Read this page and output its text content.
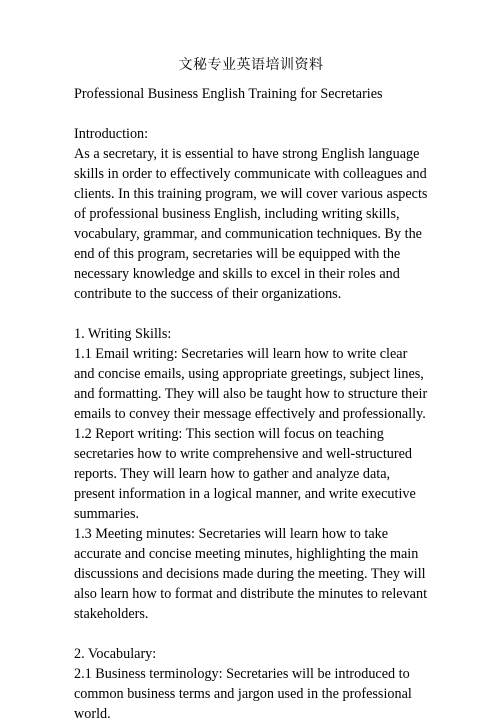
文秘专业英语培训资料

Professional Business English Training for Secretaries

Introduction:

As a secretary, it is essential to have strong English language skills in order to effectively communicate with colleagues and clients. In this training program, we will cover various aspects of professional business English, including writing skills, vocabulary, grammar, and communication techniques. By the end of this program, secretaries will be equipped with the necessary knowledge and skills to excel in their roles and contribute to the success of their organizations.

1. Writing Skills:

1.1 Email writing: Secretaries will learn how to write clear and concise emails, using appropriate greetings, subject lines, and formatting. They will also be taught how to structure their emails to convey their message effectively and professionally.

1.2 Report writing: This section will focus on teaching secretaries how to write comprehensive and well-structured reports. They will learn how to gather and analyze data, present information in a logical manner, and write executive summaries.

1.3 Meeting minutes: Secretaries will learn how to take accurate and concise meeting minutes, highlighting the main discussions and decisions made during the meeting. They will also learn how to format and distribute the minutes to relevant stakeholders.

2. Vocabulary:

2.1 Business terminology: Secretaries will be introduced to common business terms and jargon used in the professional world.
